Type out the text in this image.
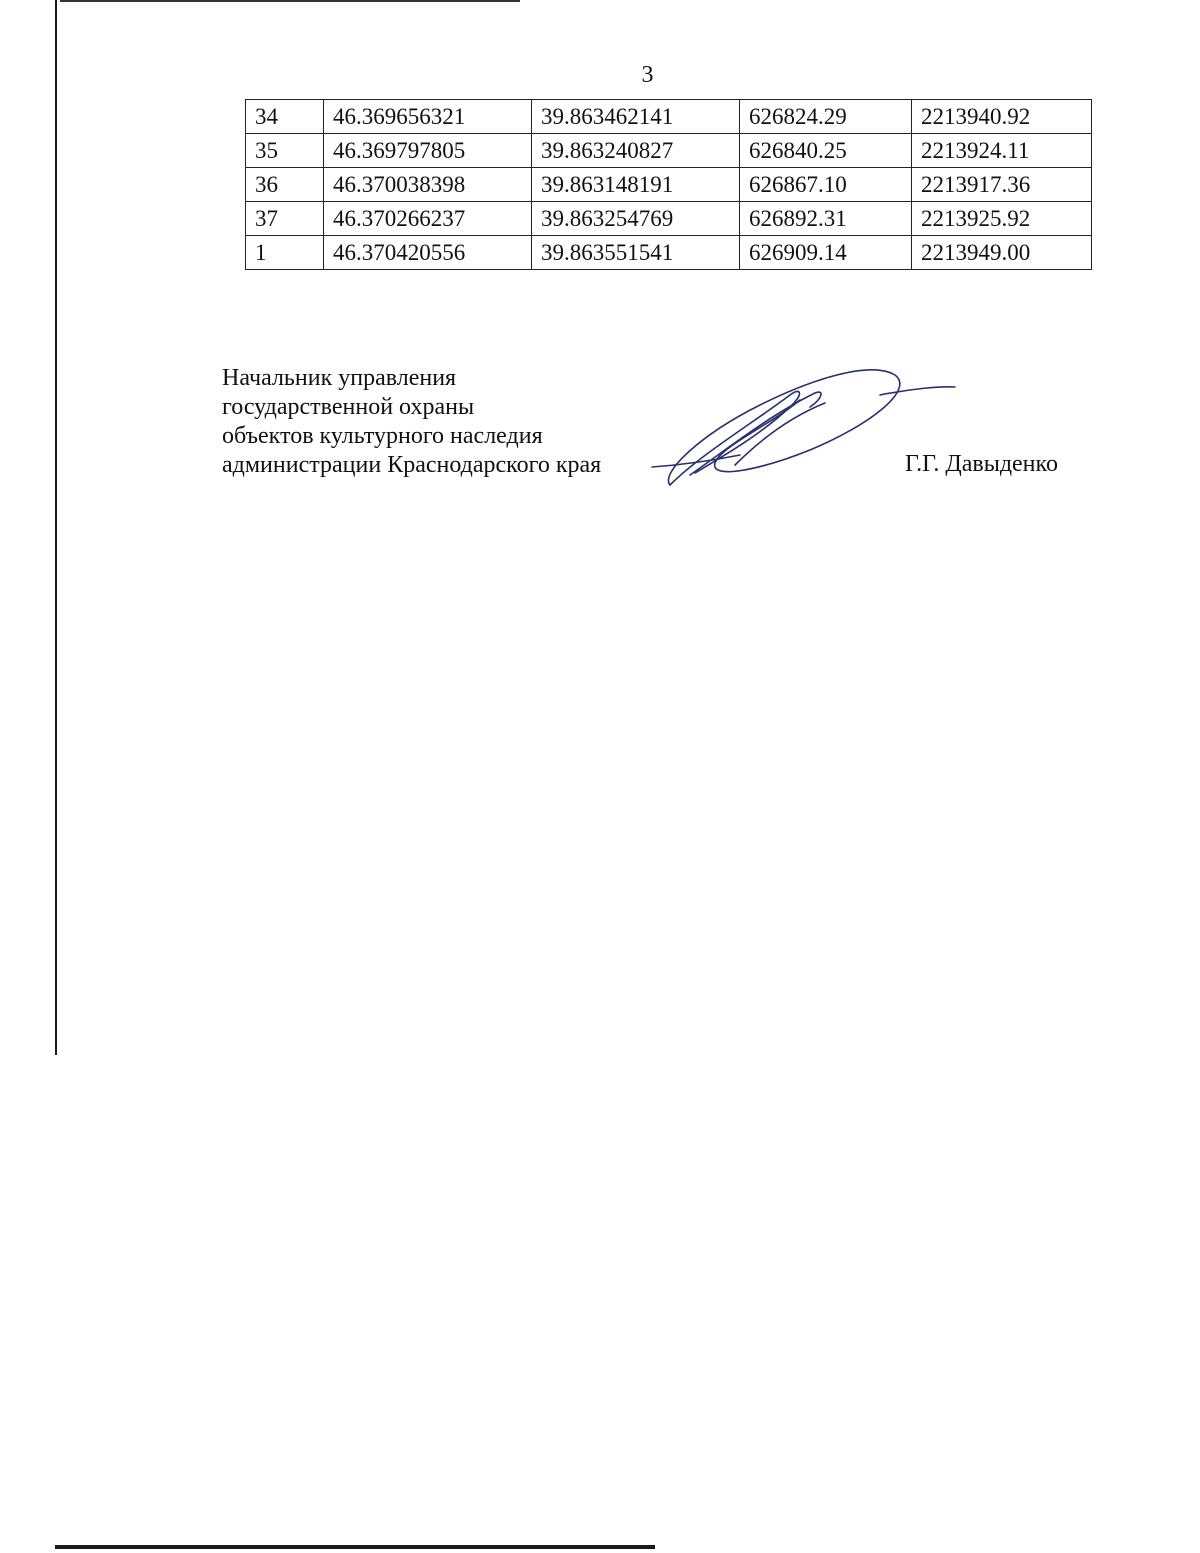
3
34	46.369656321	39.863462141	626824.29	2213940.92
35	46.369797805	39.863240827	626840.25	2213924.11
36	46.370038398	39.863148191	626867.10	2213917.36
37	46.370266237	39.863254769	626892.31	2213925.92
1	46.370420556	39.863551541	626909.14	2213949.00
Начальник управления
государственной охраны
объектов культурного наследия
администрации Краснодарского края	Г.Г. Давыденко
